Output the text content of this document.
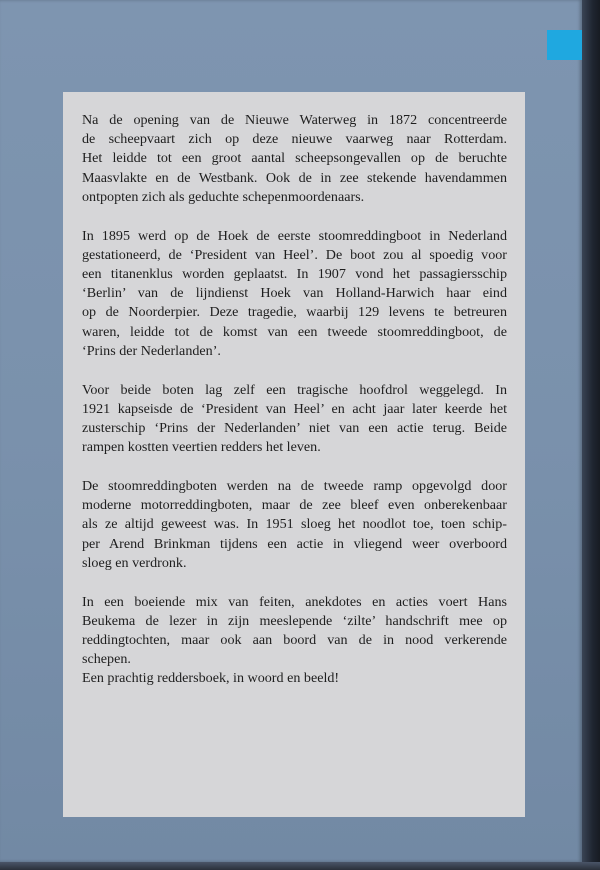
Na de opening van de Nieuwe Waterweg in 1872 concentreerde
de scheepvaart zich op deze nieuwe vaarweg naar Rotterdam.
Het leidde tot een groot aantal scheepsongevallen op de beruchte
Maasvlakte en de Westbank. Ook de in zee stekende havendammen
ontpopten zich als geduchte schepenmoordenaars.

In 1895 werd op de Hoek de eerste stoomreddingboot in Nederland
gestationeerd, de ‘President van Heel’. De boot zou al spoedig voor
een titanenklus worden geplaatst. In 1907 vond het passagiersschip
‘Berlin’ van de lijndienst Hoek van Holland-Harwich haar eind
op de Noorderpier. Deze tragedie, waarbij 129 levens te betreuren
waren, leidde tot de komst van een tweede stoomreddingboot, de
‘Prins der Nederlanden’.

Voor beide boten lag zelf een tragische hoofdrol weggelegd. In
1921 kapseisde de ‘President van Heel’ en acht jaar later keerde het
zusterschip ‘Prins der Nederlanden’ niet van een actie terug. Beide
rampen kostten veertien redders het leven.

De stoomreddingboten werden na de tweede ramp opgevolgd door
moderne motorreddingboten, maar de zee bleef even onberekenbaar
als ze altijd geweest was. In 1951 sloeg het noodlot toe, toen schip-
per Arend Brinkman tijdens een actie in vliegend weer overboord
sloeg en verdronk.

In een boeiende mix van feiten, anekdotes en acties voert Hans
Beukema de lezer in zijn meeslepende ‘zilte’ handschrift mee op
reddingtochten, maar ook aan boord van de in nood verkerende
schepen.

Een prachtig reddersboek, in woord en beeld!
